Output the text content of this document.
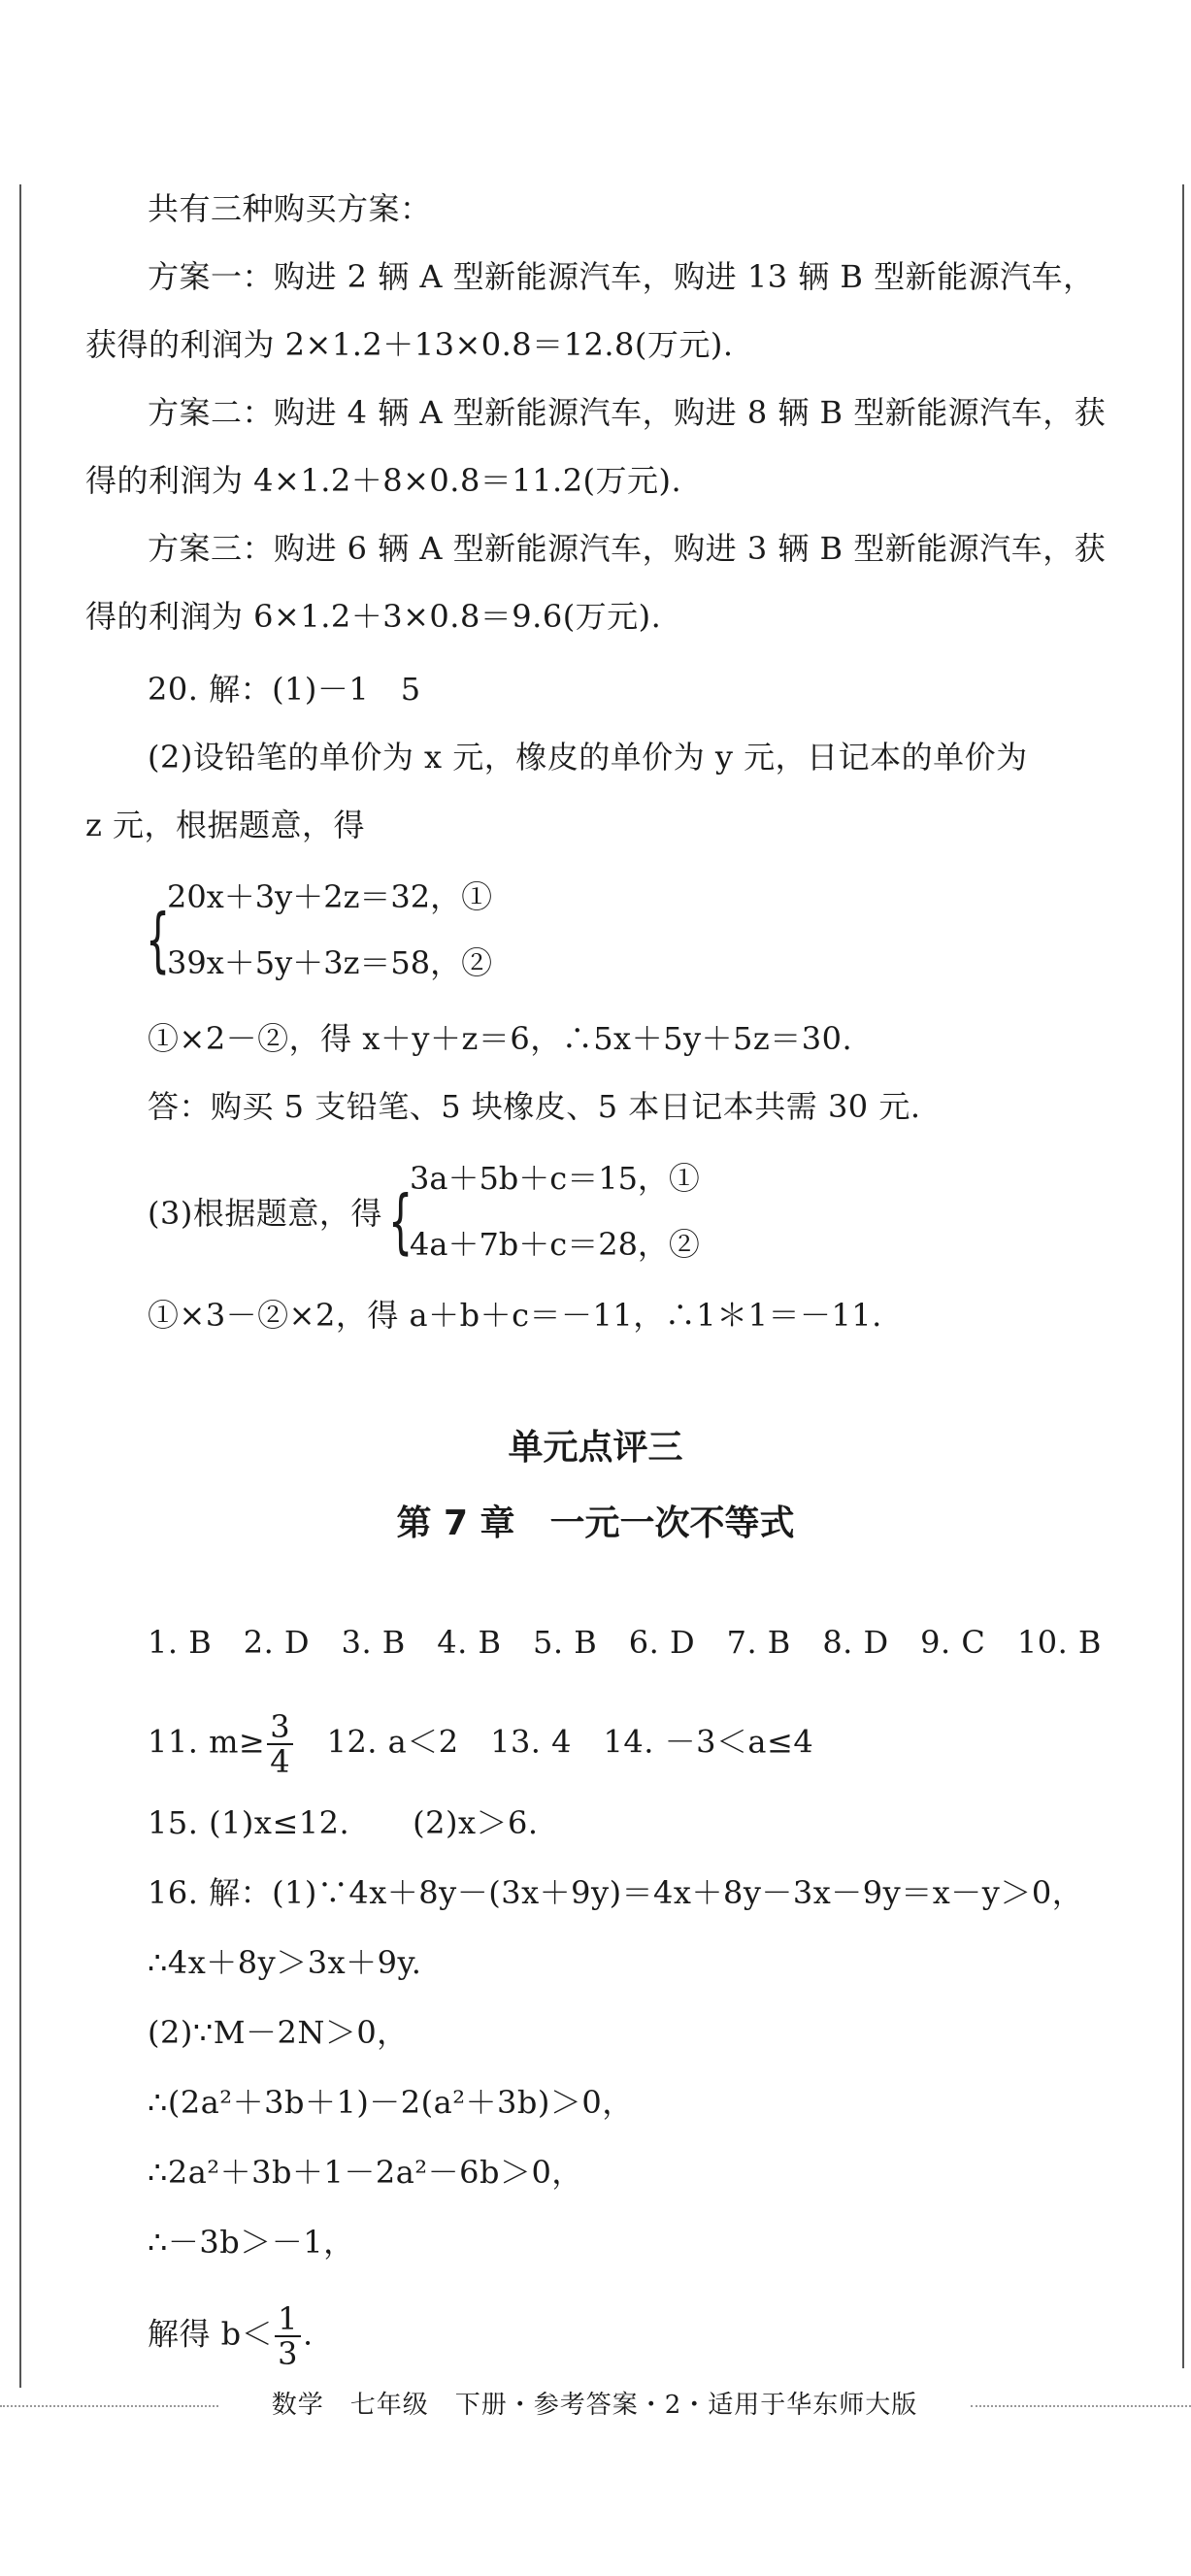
共有三种购买方案：
方案一：购进 2 辆 A 型新能源汽车，购进 13 辆 B 型新能源汽车，
获得的利润为 2×1.2＋13×0.8＝12.8(万元).
方案二：购进 4 辆 A 型新能源汽车，购进 8 辆 B 型新能源汽车，获
得的利润为 4×1.2＋8×0.8＝11.2(万元).
方案三：购进 6 辆 A 型新能源汽车，购进 3 辆 B 型新能源汽车，获
得的利润为 6×1.2＋3×0.8＝9.6(万元).
20. 解：(1)－1　5
(2)设铅笔的单价为 x 元，橡皮的单价为 y 元，日记本的单价为
z 元，根据题意，得
{
20x＋3y＋2z＝32，①
39x＋5y＋3z＝58，②
①×2－②，得 x＋y＋z＝6，∴5x＋5y＋5z＝30.
答：购买 5 支铅笔、5 块橡皮、5 本日记本共需 30 元.
(3)根据题意，得 {
3a＋5b＋c＝15，①
4a＋7b＋c＝28，②
①×3－②×2，得 a＋b＋c＝－11，∴1＊1＝－11.
单元点评三
第 7 章　一元一次不等式
1. B　2. D　3. B　4. B　5. B　6. D　7. B　8. D　9. C　10. B
11. $m\ge \frac{3}{4}$ 　12. a＜2　13. 4　14. －3＜a≤4
15. (1)x≤12.　　(2)x＞6.
16. 解：(1)∵4x＋8y－(3x＋9y)＝4x＋8y－3x－9y＝x－y＞0，
∴4x＋8y＞3x＋9y.
(2)∵M－2N＞0，
∴(2a²＋3b＋1)－2(a²＋3b)＞0，
∴2a²＋3b＋1－2a²－6b＞0，
∴－3b＞－1，
解得 $b< \frac{1}{3}$ .
数学　七年级　下册・参考答案・2・适用于华东师大版
